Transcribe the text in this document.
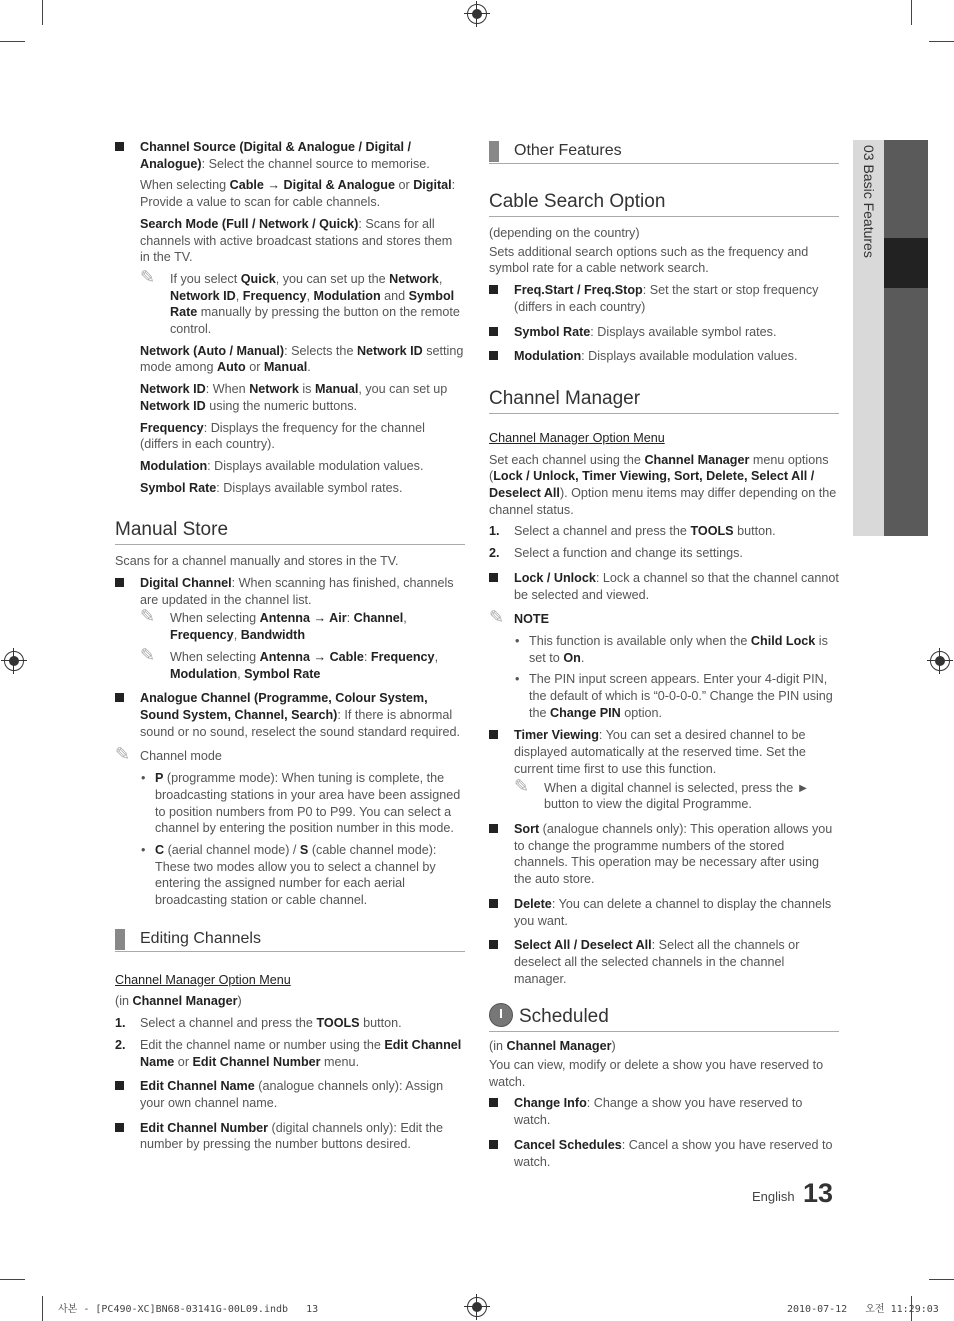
03 Basic Features
Channel Source (Digital & Analogue / Digital / Analogue): Select the channel source to memorise.

When selecting Cable → Digital & Analogue or Digital: Provide a value to scan for cable channels.

Search Mode (Full / Network / Quick): Scans for all channels with active broadcast stations and stores them in the TV.

✎ If you select Quick, you can set up the Network, Network ID, Frequency, Modulation and Symbol Rate manually by pressing the button on the remote control.

Network (Auto / Manual): Selects the Network ID setting mode among Auto or Manual.

Network ID: When Network is Manual, you can set up Network ID using the numeric buttons.

Frequency: Displays the frequency for the channel (differs in each country).

Modulation: Displays available modulation values.

Symbol Rate: Displays available symbol rates.

Manual Store

Scans for a channel manually and stores in the TV.

Digital Channel: When scanning has finished, channels are updated in the channel list.
✎ When selecting Antenna → Air: Channel, Frequency, Bandwidth
✎ When selecting Antenna → Cable: Frequency, Modulation, Symbol Rate
Analogue Channel (Programme, Colour System, Sound System, Channel, Search): If there is abnormal sound or no sound, reselect the sound standard required.
✎ Channel mode
• P (programme mode): When tuning is complete, the broadcasting stations in your area have been assigned to position numbers from P0 to P99. You can select a channel by entering the position number in this mode.
• C (aerial channel mode) / S (cable channel mode): These two modes allow you to select a channel by entering the assigned number for each aerial broadcasting station or cable channel.
Editing Channels

Channel Manager Option Menu

(in Channel Manager)

1. Select a channel and press the TOOLS button.
2. Edit the channel name or number using the Edit Channel Name or Edit Channel Number menu.
Edit Channel Name (analogue channels only): Assign your own channel name.
Edit Channel Number (digital channels only): Edit the number by pressing the number buttons desired.
Other Features
Cable Search Option

(depending on the country)

Sets additional search options such as the frequency and symbol rate for a cable network search.

Freq.Start / Freq.Stop: Set the start or stop frequency (differs in each country)
Symbol Rate: Displays available symbol rates.
Modulation: Displays available modulation values.
Channel Manager

Channel Manager Option Menu

Set each channel using the Channel Manager menu options (Lock / Unlock, Timer Viewing, Sort, Delete, Select All / Deselect All). Option menu items may differ depending on the channel status.

1. Select a channel and press the TOOLS button.
2. Select a function and change its settings.
Lock / Unlock: Lock a channel so that the channel cannot be selected and viewed.
✎ NOTE
• This function is available only when the Child Lock is set to On.
• The PIN input screen appears. Enter your 4-digit PIN, the default of which is “0-0-0-0.” Change the PIN using the Change PIN option.
Timer Viewing: You can set a desired channel to be displayed automatically at the reserved time. Set the current time first to use this function.
✎ When a digital channel is selected, press the ► button to view the digital Programme.
Sort (analogue channels only): This operation allows you to change the programme numbers of the stored channels. This operation may be necessary after using the auto store.
Delete: You can delete a channel to display the channels you want.
Select All / Deselect All: Select all the channels or deselect all the selected channels in the channel manager.
Scheduled

(in Channel Manager)

You can view, modify or delete a show you have reserved to watch.

Change Info: Change a show you have reserved to watch.
Cancel Schedules: Cancel a show you have reserved to watch.
English 13
사본 - [PC490-XC]BN68-03141G-00L09.indb   13	2010-07-12   오전 11:29:03
